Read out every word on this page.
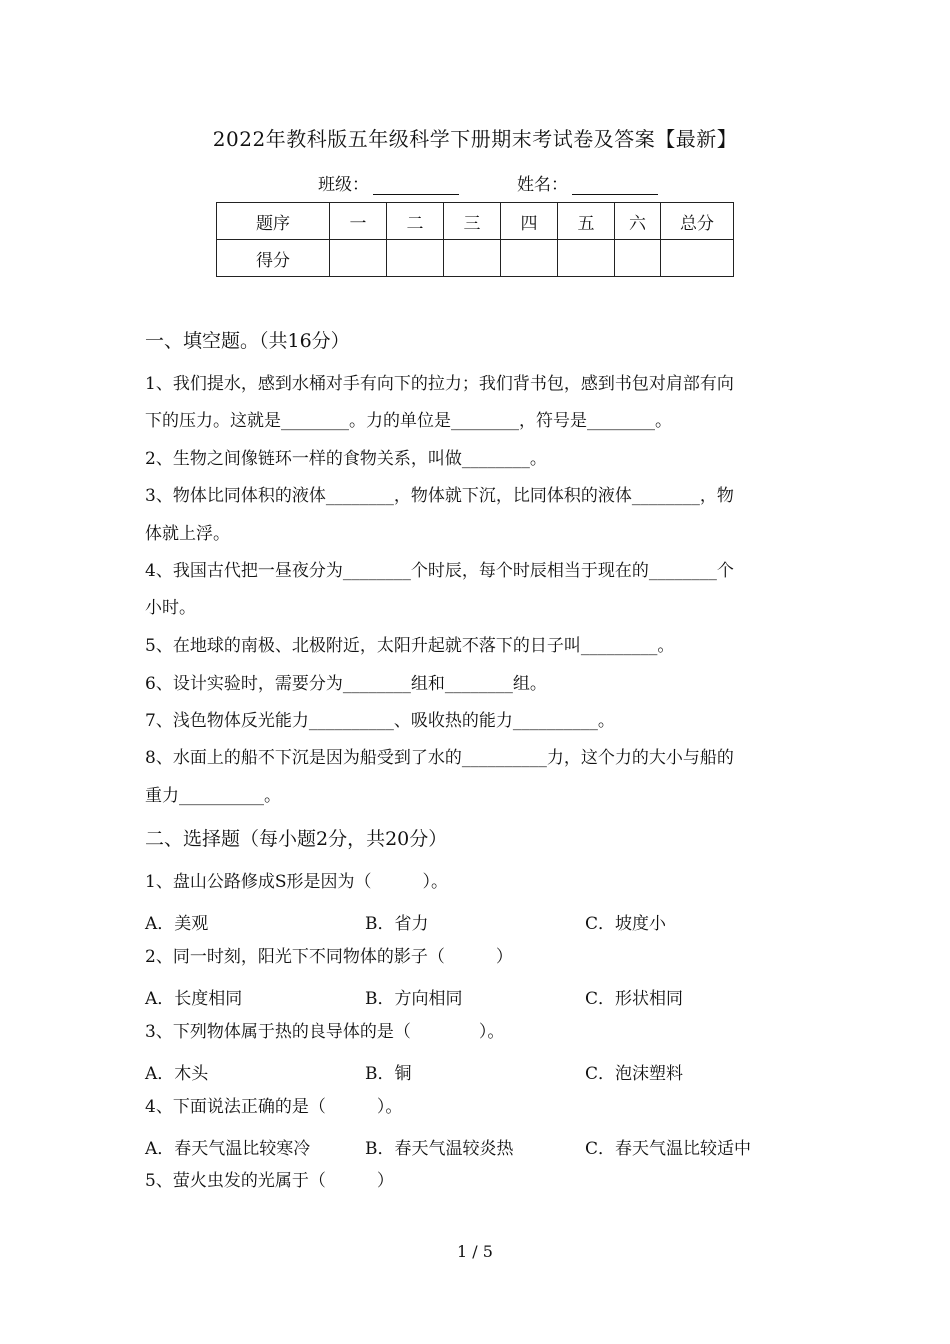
2022年教科版五年级科学下册期末考试卷及答案【最新】
班级：	姓名：
题序	一	二	三	四	五	六	总分
得分							
一、填空题。（共16分）
1、我们提水，感到水桶对手有向下的拉力；我们背书包，感到书包对肩部有向
下的压力。这就是________。力的单位是________，符号是________。
2、生物之间像链环一样的食物关系，叫做________。
3、物体比同体积的液体________，物体就下沉，比同体积的液体________，物
体就上浮。
4、我国古代把一昼夜分为________个时辰，每个时辰相当于现在的________个
小时。
5、在地球的南极、北极附近，太阳升起就不落下的日子叫_________。
6、设计实验时，需要分为________组和________组。
7、浅色物体反光能力__________、吸收热的能力__________。
8、水面上的船不下沉是因为船受到了水的__________力，这个力的大小与船的
重力__________。
二、选择题（每小题2分，共20分）
1、盘山公路修成S形是因为（　　　）。
A．美观	B．省力	C．坡度小
2、同一时刻，阳光下不同物体的影子（　　　）
A．长度相同	B．方向相同	C．形状相同
3、下列物体属于热的良导体的是（　　　　）。
A．木头	B．铜	C．泡沫塑料
4、下面说法正确的是（　　　）。
A．春天气温比较寒冷	B．春天气温较炎热	C．春天气温比较适中
5、萤火虫发的光属于（　　　）
1 / 5
